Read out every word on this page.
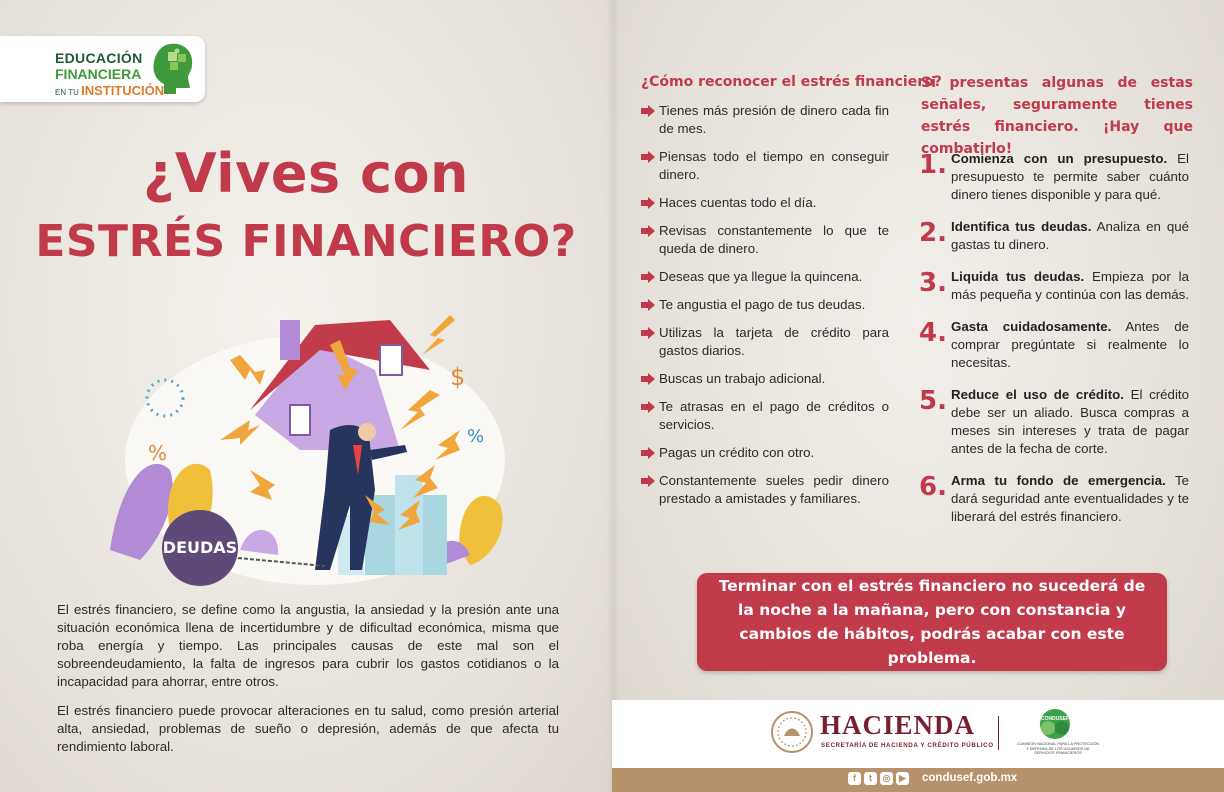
EDUCACIÓN
FINANCIERA
EN TU INSTITUCIÓN
¿Vives con
ESTRÉS FINANCIERO?
DEUDAS
%
%
$

El estrés financiero, se define como la angustia, la ansiedad y la presión ante una situación económica llena de incertidumbre y de dificultad económica, misma que roba energía y tiempo. Las principales causas de este mal son el sobreendeudamiento, la falta de ingresos para cubrir los gastos cotidianos o la incapacidad para ahorrar, entre otros.

El estrés financiero puede provocar alteraciones en tu salud, como presión arterial alta, ansiedad, problemas de sueño o depresión, además de que afecta tu rendimiento laboral.

¿Cómo reconocer el estrés financiero?
Tienes más presión de dinero cada fin de mes.
Piensas todo el tiempo en conseguir dinero.
Haces cuentas todo el día.
Revisas constantemente lo que te queda de dinero.
Deseas que ya llegue la quincena.
Te angustia el pago de tus deudas.
Utilizas la tarjeta de crédito para gastos diarios.
Buscas un trabajo adicional.
Te atrasas en el pago de créditos o servicios.
Pagas un crédito con otro.
Constantemente sueles pedir dinero prestado a amistades y familiares.
Si presentas algunas de estas señales, seguramente tienes estrés financiero. ¡Hay que combatirlo!
1. Comienza con un presupuesto. El presupuesto te permite saber cuánto dinero tienes disponible y para qué.
2. Identifica tus deudas. Analiza en qué gastas tu dinero.
3. Liquida tus deudas. Empieza por la más pequeña y continúa con las demás.
4. Gasta cuidadosamente. Antes de comprar pregúntate si realmente lo necesitas.
5. Reduce el uso de crédito. El crédito debe ser un aliado. Busca compras a meses sin intereses y trata de pagar antes de la fecha de corte.
6. Arma tu fondo de emergencia. Te dará seguridad ante eventualidades y te liberará del estrés financiero.
Terminar con el estrés financiero no sucederá de la noche a la mañana, pero con constancia y cambios de hábitos, podrás acabar con este problema.
HACIENDA
SECRETARÍA DE HACIENDA Y CRÉDITO PÚBLICO
CONDUSEF
COMISIÓN NACIONAL PARA LA PROTECCIÓN Y DEFENSA DE LOS USUARIOS DE SERVICIOS FINANCIEROS
f	t	◎ ▶ condusef.gob.mx
